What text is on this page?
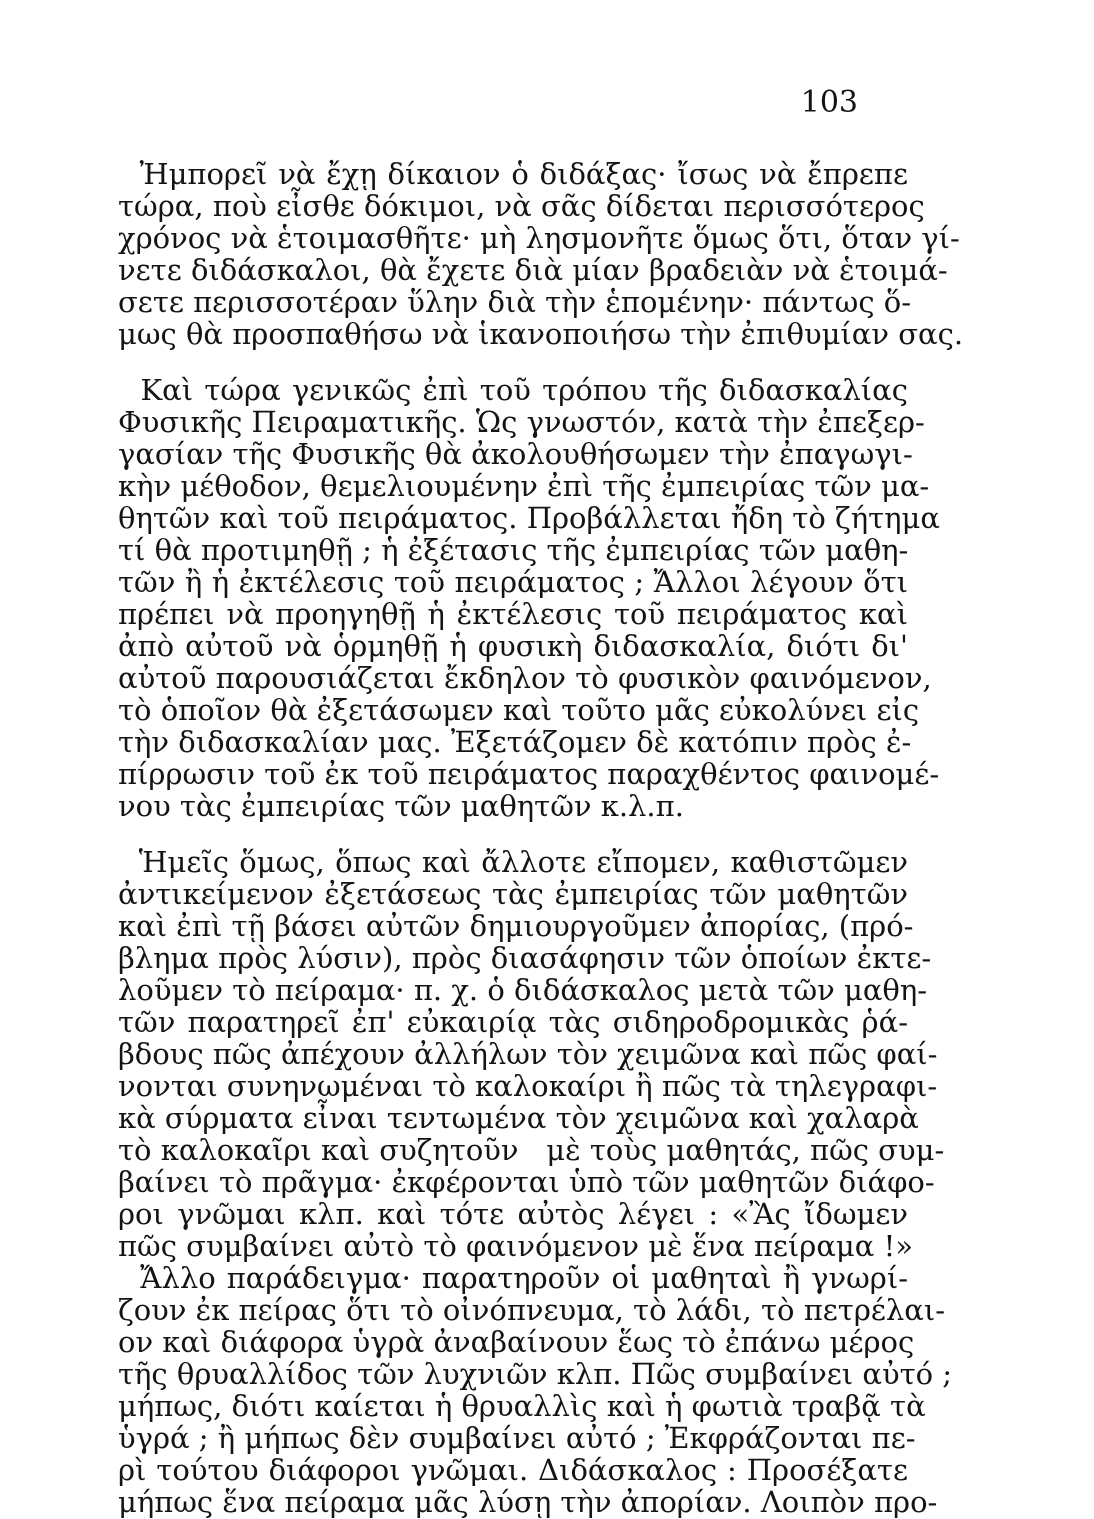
103
Ἠμπορεῖ νὰ ἔχῃ δίκαιον ὁ διδάξας· ἴσως νὰ ἔπρεπε
τώρα, ποὺ εἶσθε δόκιμοι, νὰ σᾶς δίδεται περισσότερος
χρόνος νὰ ἑτοιμασθῆτε· μὴ λησμονῆτε ὅμως ὅτι, ὅταν γί-
νετε διδάσκαλοι, θὰ ἔχετε διὰ μίαν βραδειὰν νὰ ἑτοιμά-
σετε περισσοτέραν ὕλην διὰ τὴν ἑπομένην· πάντως ὅ-
μως θὰ προσπαθήσω νὰ ἱκανοποιήσω τὴν ἐπιθυμίαν σας.
Καὶ τώρα γενικῶς ἐπὶ τοῦ τρόπου τῆς διδασκαλίας
Φυσικῆς Πειραματικῆς. Ὡς γνωστόν, κατὰ τὴν ἐπεξερ-
γασίαν τῆς Φυσικῆς θὰ ἀκολουθήσωμεν τὴν ἐπαγωγι-
κὴν μέθοδον, θεμελιουμένην ἐπὶ τῆς ἐμπειρίας τῶν μα-
θητῶν καὶ τοῦ πειράματος. Προβάλλεται ἤδη τὸ ζήτημα
τί θὰ προτιμηθῇ ; ἡ ἐξέτασις τῆς ἐμπειρίας τῶν μαθη-
τῶν ἢ ἡ ἐκτέλεσις τοῦ πειράματος ; Ἄλλοι λέγουν ὅτι
πρέπει νὰ προηγηθῇ ἡ ἐκτέλεσις τοῦ πειράματος καὶ
ἀπὸ αὐτοῦ νὰ ὁρμηθῇ ἡ φυσικὴ διδασκαλία, διότι δι'
αὐτοῦ παρουσιάζεται ἔκδηλον τὸ φυσικὸν φαινόμενον,
τὸ ὁποῖον θὰ ἐξετάσωμεν καὶ τοῦτο μᾶς εὐκολύνει εἰς
τὴν διδασκαλίαν μας. Ἐξετάζομεν δὲ κατόπιν πρὸς ἐ-
πίρρωσιν τοῦ ἐκ τοῦ πειράματος παραχθέντος φαινομέ-
νου τὰς ἐμπειρίας τῶν μαθητῶν κ.λ.π.
Ἡμεῖς ὅμως, ὅπως καὶ ἄλλοτε εἴπομεν, καθιστῶμεν
ἀντικείμενον ἐξετάσεως τὰς ἐμπειρίας τῶν μαθητῶν
καὶ ἐπὶ τῇ βάσει αὐτῶν δημιουργοῦμεν ἀπορίας, (πρό-
βλημα πρὸς λύσιν), πρὸς διασάφησιν τῶν ὁποίων ἐκτε-
λοῦμεν τὸ πείραμα· π. χ. ὁ διδάσκαλος μετὰ τῶν μαθη-
τῶν παρατηρεῖ ἐπ' εὐκαιρίᾳ τὰς σιδηροδρομικὰς ῥά-
βδους πῶς ἀπέχουν ἀλλήλων τὸν χειμῶνα καὶ πῶς φαί-
νονται συνηνωμέναι τὸ καλοκαίρι ἢ πῶς τὰ τηλεγραφι-
κὰ σύρματα εἶναι τεντωμένα τὸν χειμῶνα καὶ χαλαρὰ
τὸ καλοκαῖρι καὶ συζητοῦν   μὲ τοὺς μαθητάς, πῶς συμ-
βαίνει τὸ πρᾶγμα· ἐκφέρονται ὑπὸ τῶν μαθητῶν διάφο-
ροι γνῶμαι κλπ. καὶ τότε αὐτὸς λέγει : «Ἂς ἴδωμεν
πῶς συμβαίνει αὐτὸ τὸ φαινόμενον μὲ ἕνα πείραμα !»
Ἄλλο παράδειγμα· παρατηροῦν οἱ μαθηταὶ ἢ γνωρί-
ζουν ἐκ πείρας ὅτι τὸ οἰνόπνευμα, τὸ λάδι, τὸ πετρέλαι-
ον καὶ διάφορα ὑγρὰ ἀναβαίνουν ἕως τὸ ἐπάνω μέρος
τῆς θρυαλλίδος τῶν λυχνιῶν κλπ. Πῶς συμβαίνει αὐτό ;
μήπως, διότι καίεται ἡ θρυαλλὶς καὶ ἡ φωτιὰ τραβᾷ τὰ
ὑγρά ; ἢ μήπως δὲν συμβαίνει αὐτό ; Ἐκφράζονται πε-
ρὶ τούτου διάφοροι γνῶμαι. Διδάσκαλος : Προσέξατε
μήπως ἕνα πείραμα μᾶς λύσῃ τὴν ἀπορίαν. Λοιπὸν προ-
